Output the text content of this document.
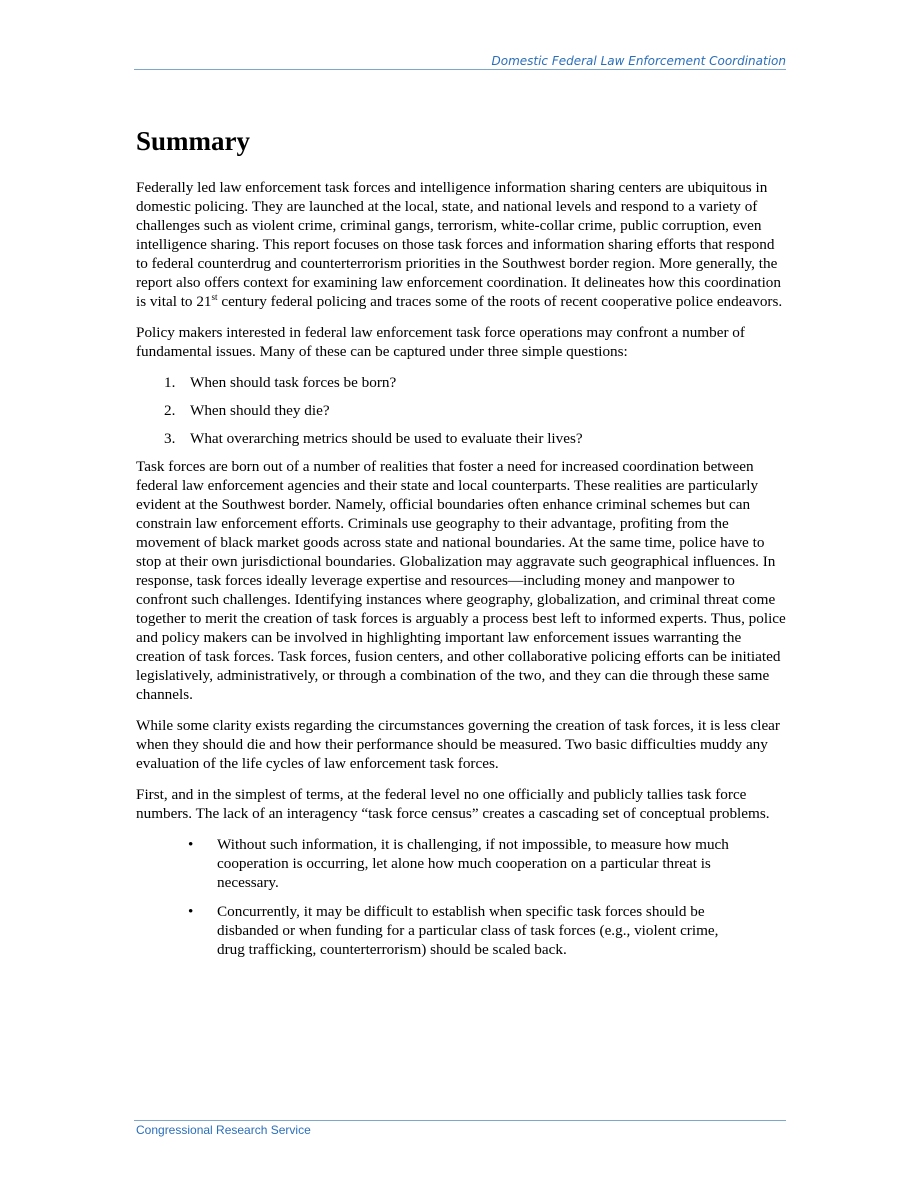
Domestic Federal Law Enforcement Coordination
Summary

Federally led law enforcement task forces and intelligence information sharing centers are ubiquitous in domestic policing. They are launched at the local, state, and national levels and respond to a variety of challenges such as violent crime, criminal gangs, terrorism, white-collar crime, public corruption, even intelligence sharing. This report focuses on those task forces and information sharing efforts that respond to federal counterdrug and counterterrorism priorities in the Southwest border region. More generally, the report also offers context for examining law enforcement coordination. It delineates how this coordination is vital to 21st century federal policing and traces some of the roots of recent cooperative police endeavors.

Policy makers interested in federal law enforcement task force operations may confront a number of fundamental issues. Many of these can be captured under three simple questions:

1. When should task forces be born?
2. When should they die?
3. What overarching metrics should be used to evaluate their lives?

Task forces are born out of a number of realities that foster a need for increased coordination between federal law enforcement agencies and their state and local counterparts. These realities are particularly evident at the Southwest border. Namely, official boundaries often enhance criminal schemes but can constrain law enforcement efforts. Criminals use geography to their advantage, profiting from the movement of black market goods across state and national boundaries. At the same time, police have to stop at their own jurisdictional boundaries. Globalization may aggravate such geographical influences. In response, task forces ideally leverage expertise and resources—including money and manpower to confront such challenges. Identifying instances where geography, globalization, and criminal threat come together to merit the creation of task forces is arguably a process best left to informed experts. Thus, police and policy makers can be involved in highlighting important law enforcement issues warranting the creation of task forces. Task forces, fusion centers, and other collaborative policing efforts can be initiated legislatively, administratively, or through a combination of the two, and they can die through these same channels.

While some clarity exists regarding the circumstances governing the creation of task forces, it is less clear when they should die and how their performance should be measured. Two basic difficulties muddy any evaluation of the life cycles of law enforcement task forces.

First, and in the simplest of terms, at the federal level no one officially and publicly tallies task force numbers. The lack of an interagency “task force census” creates a cascading set of conceptual problems.

• Without such information, it is challenging, if not impossible, to measure how much cooperation is occurring, let alone how much cooperation on a particular threat is necessary.
• Concurrently, it may be difficult to establish when specific task forces should be disbanded or when funding for a particular class of task forces (e.g., violent crime, drug trafficking, counterterrorism) should be scaled back.
Congressional Research Service
